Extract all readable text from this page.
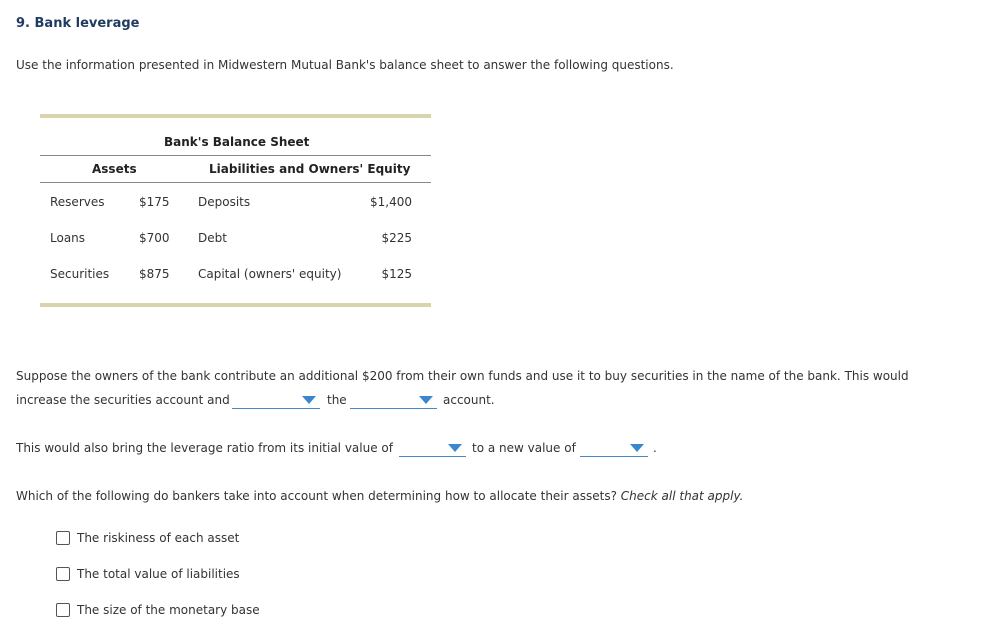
9. Bank leverage
Use the information presented in Midwestern Mutual Bank's balance sheet to answer the following questions.
Bank's Balance Sheet
Assets	Liabilities and Owners' Equity
Reserves	$175 Deposits	$1,400
Loans	$700 Debt	$225
Securities $875 Capital (owners' equity)	$125
Suppose the owners of the bank contribute an additional $200 from their own funds and use it to buy securities in the name of the bank. This would
increase the securities account and	the	account.
This would also bring the leverage ratio from its initial value of	to a new value of	.
Which of the following do bankers take into account when determining how to allocate their assets? Check all that apply.
The riskiness of each asset
The total value of liabilities
The size of the monetary base
